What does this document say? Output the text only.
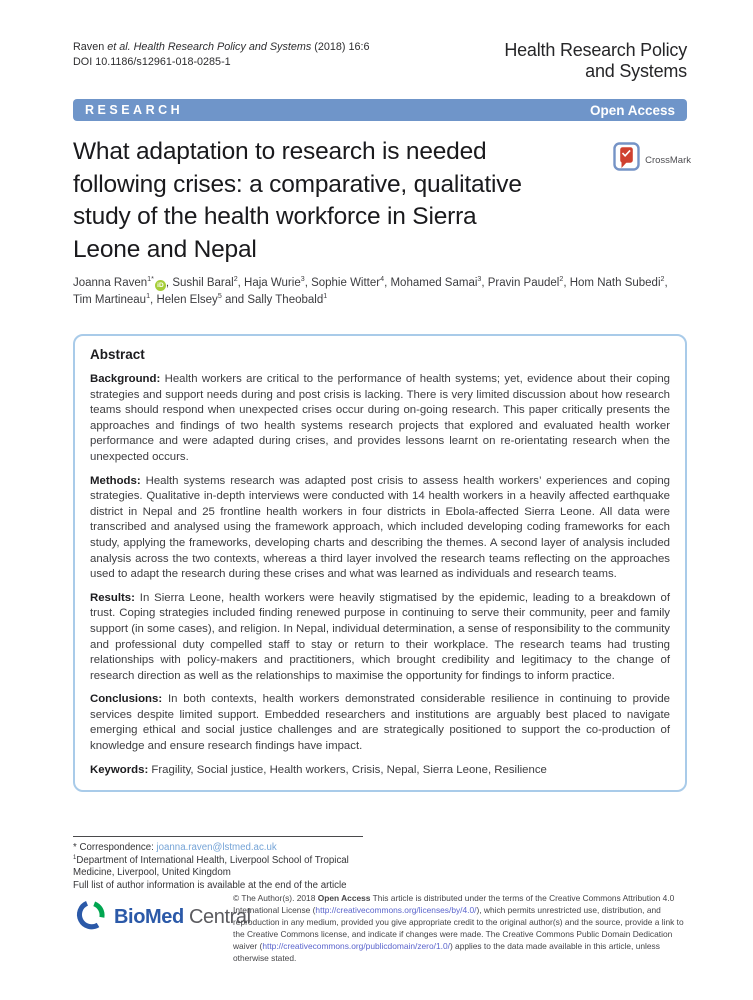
Raven et al. Health Research Policy and Systems (2018) 16:6
DOI 10.1186/s12961-018-0285-1
Health Research Policy
and Systems
RESEARCH	Open Access
CrossMark
What adaptation to research is needed
following crises: a comparative, qualitative
study of the health workforce in Sierra
Leone and Nepal
Joanna Raven$^{1*}$iD , Sushil Baral$^2$, Haja Wurie$^3$, Sophie Witter$^4$, Mohamed Samai$^3$, Pravin Paudel$^2$, Hom Nath Subedi$^2$, Tim Martineau$^1$, Helen Elsey$^5$ and Sally Theobald$^1$
Abstract

Background: Health workers are critical to the performance of health systems; yet, evidence about their coping strategies and support needs during and post crisis is lacking. There is very limited discussion about how research teams should respond when unexpected crises occur during on-going research. This paper critically presents the approaches and findings of two health systems research projects that explored and evaluated health worker performance and were adapted during crises, and provides lessons learnt on re-orientating research when the unexpected occurs.

Methods: Health systems research was adapted post crisis to assess health workers’ experiences and coping strategies. Qualitative in-depth interviews were conducted with 14 health workers in a heavily affected earthquake district in Nepal and 25 frontline health workers in four districts in Ebola-affected Sierra Leone. All data were transcribed and analysed using the framework approach, which included developing coding frameworks for each study, applying the frameworks, developing charts and describing the themes. A second layer of analysis included analysis across the two contexts, whereas a third layer involved the research teams reflecting on the approaches used to adapt the research during these crises and what was learned as individuals and research teams.

Results: In Sierra Leone, health workers were heavily stigmatised by the epidemic, leading to a breakdown of trust. Coping strategies included finding renewed purpose in continuing to serve their community, peer and family support (in some cases), and religion. In Nepal, individual determination, a sense of responsibility to the community and professional duty compelled staff to stay or return to their workplace. The research teams had trusting relationships with policy-makers and practitioners, which brought credibility and legitimacy to the change of research direction as well as the relationships to maximise the opportunity for findings to inform practice.

Conclusions: In both contexts, health workers demonstrated considerable resilience in continuing to provide services despite limited support. Embedded researchers and institutions are arguably best placed to navigate emerging ethical and social justice challenges and are strategically positioned to support the co-production of knowledge and ensure research findings have impact.

Keywords: Fragility, Social justice, Health workers, Crisis, Nepal, Sierra Leone, Resilience

* Correspondence: joanna.raven@lstmed.ac.uk
$^1$Department of International Health, Liverpool School of Tropical Medicine, Liverpool, United Kingdom
Full list of author information is available at the end of the article
BioMed Central
© The Author(s). 2018 Open Access This article is distributed under the terms of the Creative Commons Attribution 4.0 International License (http://creativecommons.org/licenses/by/4.0/), which permits unrestricted use, distribution, and reproduction in any medium, provided you give appropriate credit to the original author(s) and the source, provide a link to the Creative Commons license, and indicate if changes were made. The Creative Commons Public Domain Dedication waiver (http://creativecommons.org/publicdomain/zero/1.0/) applies to the data made available in this article, unless otherwise stated.
